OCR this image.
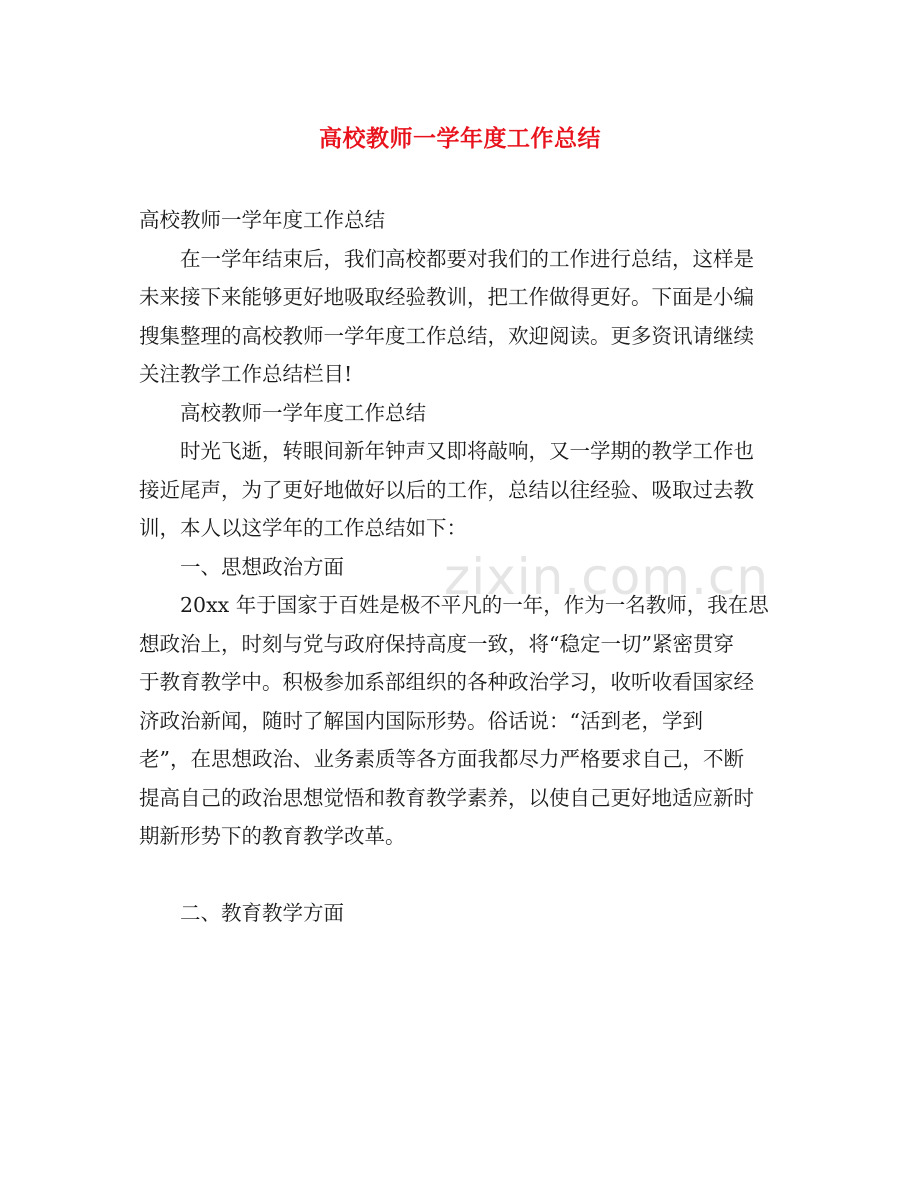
高校教师一学年度工作总结
高校教师一学年度工作总结
在一学年结束后，我们高校都要对我们的工作进行总结，这样是
未来接下来能够更好地吸取经验教训，把工作做得更好。下面是小编
搜集整理的高校教师一学年度工作总结，欢迎阅读。更多资讯请继续
关注教学工作总结栏目!
高校教师一学年度工作总结
时光飞逝，转眼间新年钟声又即将敲响，又一学期的教学工作也
接近尾声，为了更好地做好以后的工作，总结以往经验、吸取过去教
训，本人以这学年的工作总结如下：
一、思想政治方面
20xx 年于国家于百姓是极不平凡的一年，作为一名教师，我在思
想政治上，时刻与党与政府保持高度一致，将“稳定一切”紧密贯穿
于教育教学中。积极参加系部组织的各种政治学习，收听收看国家经
济政治新闻，随时了解国内国际形势。俗话说：“活到老，学到
老”，在思想政治、业务素质等各方面我都尽力严格要求自己，不断
提高自己的政治思想觉悟和教育教学素养，以使自己更好地适应新时
期新形势下的教育教学改革。
二、教育教学方面
zixin.com.cn
